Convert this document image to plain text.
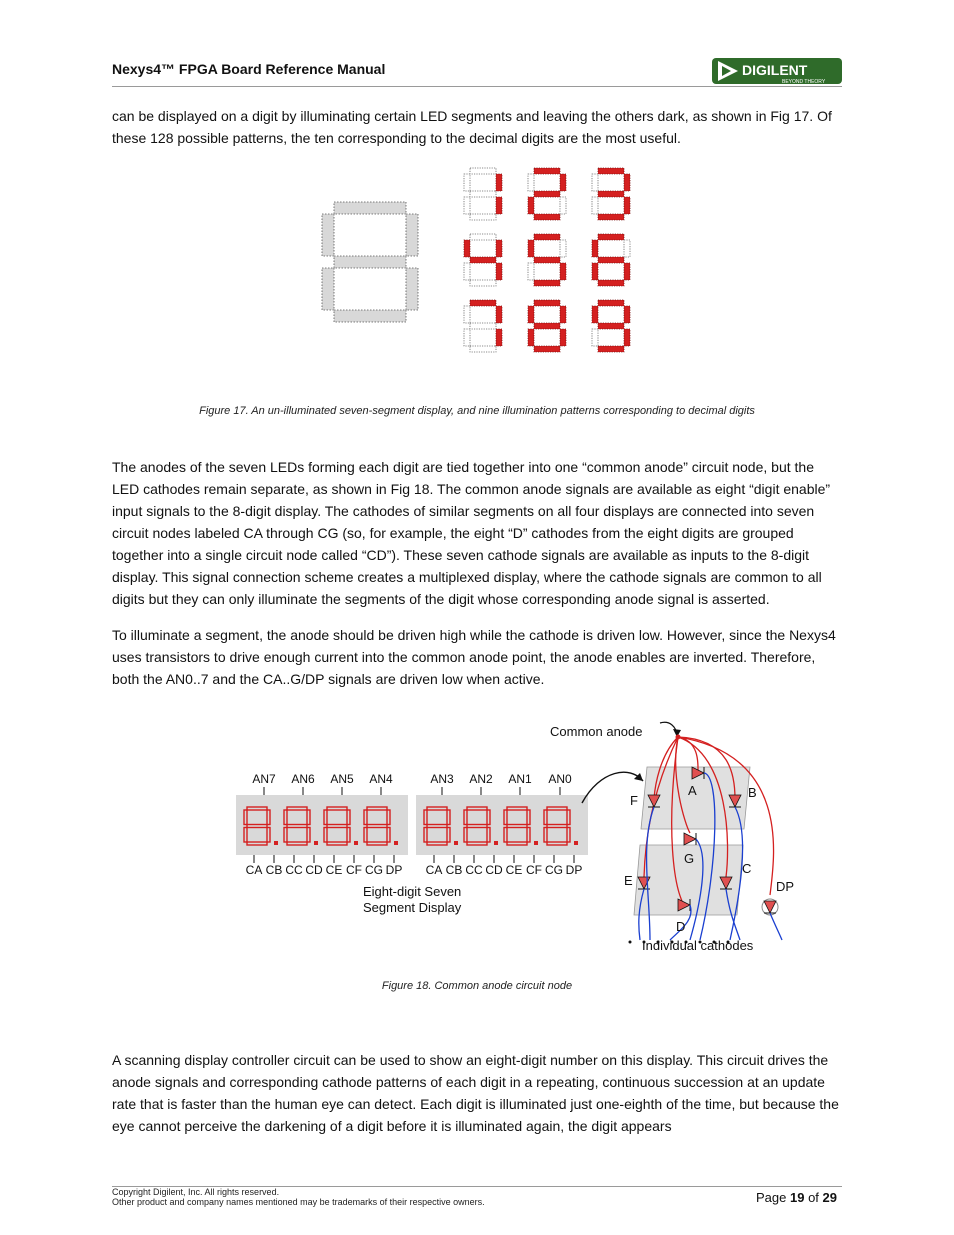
Nexys4™ FPGA Board Reference Manual	DIGILENT
BEYOND THEORY
can be displayed on a digit by illuminating certain LED segments and leaving the others dark, as shown in Fig 17. Of these 128 possible patterns, the ten corresponding to the decimal digits are the most useful.
Figure 17. An un-illuminated seven-segment display, and nine illumination patterns corresponding to decimal digits
The anodes of the seven LEDs forming each digit are tied together into one “common anode” circuit node, but the LED cathodes remain separate, as shown in Fig 18. The common anode signals are available as eight “digit enable” input signals to the 8-digit display. The cathodes of similar segments on all four displays are connected into seven circuit nodes labeled CA through CG (so, for example, the eight “D” cathodes from the eight digits are grouped together into a single circuit node called “CD”). These seven cathode signals are available as inputs to the 8-digit display. This signal connection scheme creates a multiplexed display, where the cathode signals are common to all digits but they can only illuminate the segments of the digit whose corresponding anode signal is asserted.
To illuminate a segment, the anode should be driven high while the cathode is driven low. However, since the Nexys4 uses transistors to drive enough current into the common anode point, the anode enables are inverted. Therefore, both the AN0..7 and the CA..G/DP signals are driven low when active.
AN7 AN6 AN5 AN4	AN3 AN2 AN1 AN0
CA CB CC CD CE CF CG DP CA CB CC CD CE CF CG DP
Eight-digit Seven
Segment Display
Common anode
A	B
F
G
C
E
D
DP
Individual cathodes
Figure 18. Common anode circuit node
A scanning display controller circuit can be used to show an eight-digit number on this display. This circuit drives the anode signals and corresponding cathode patterns of each digit in a repeating, continuous succession at an update rate that is faster than the human eye can detect. Each digit is illuminated just one-eighth of the time, but because the eye cannot perceive the darkening of a digit before it is illuminated again, the digit appears
Copyright Digilent, Inc. All rights reserved.
Other product and company names mentioned may be trademarks of their respective owners.	Page 19 of 29
